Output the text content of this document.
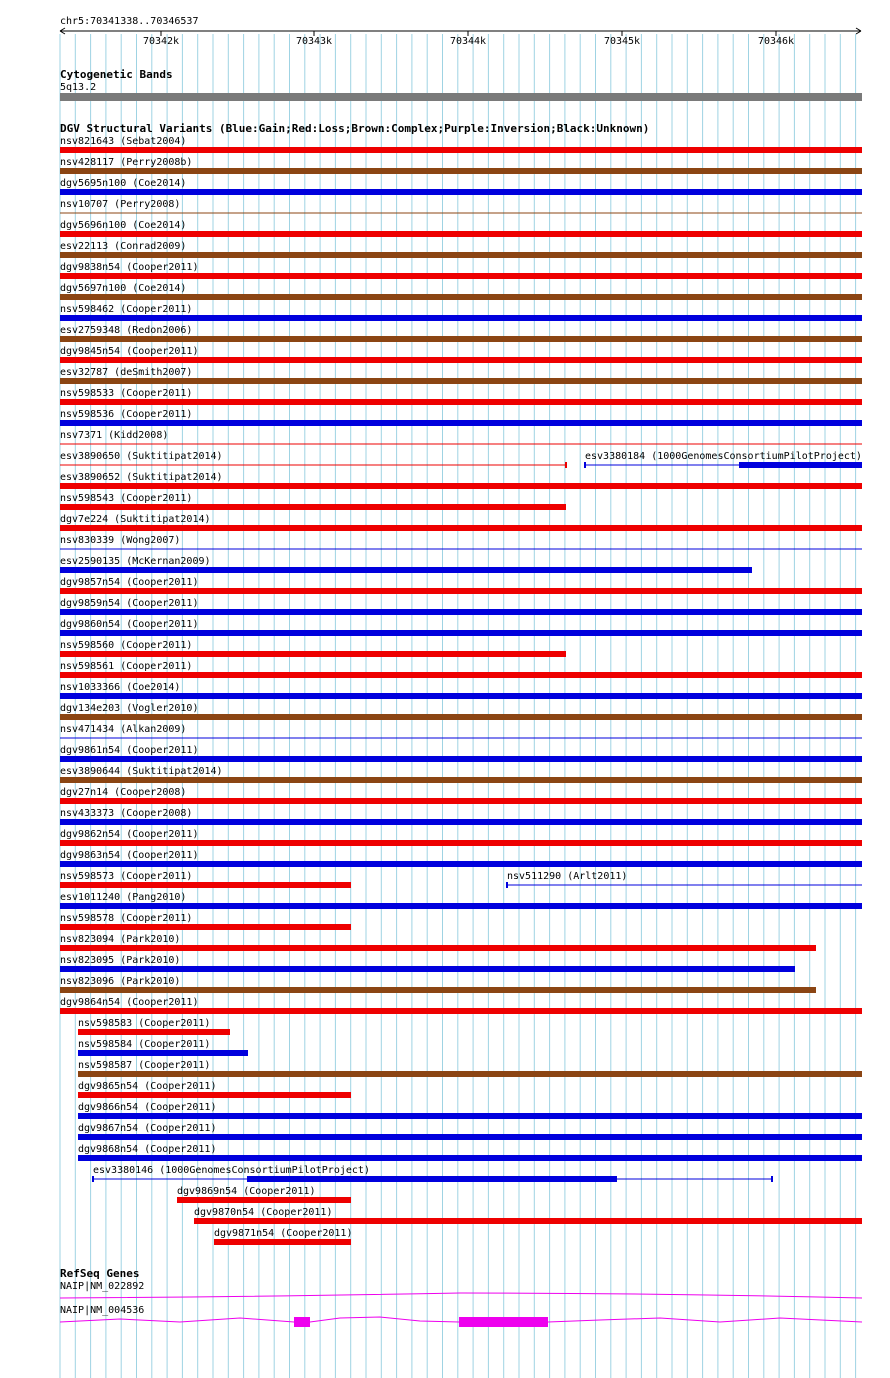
chr5:70341338..70346537
70342k	70343k	70344k	70345k	70346k
Cytogenetic Bands
5q13.2
DGV Structural Variants (Blue:Gain;Red:Loss;Brown:Complex;Purple:Inversion;Black:Unknown)
nsv821643 (Sebat2004)
nsv428117 (Perry2008b)
dgv5695n100 (Coe2014)
nsv10707 (Perry2008)
dgv5696n100 (Coe2014)
esv22113 (Conrad2009)
dgv9838n54 (Cooper2011)
dgv5697n100 (Coe2014)
nsv598462 (Cooper2011)
esv2759348 (Redon2006)
dgv9845n54 (Cooper2011)
esv32787 (deSmith2007)
nsv598533 (Cooper2011)
nsv598536 (Cooper2011)
nsv7371 (Kidd2008)
esv3890650 (Suktitipat2014)
esv3890652 (Suktitipat2014)
nsv598543 (Cooper2011)
dgv7e224 (Suktitipat2014)
nsv830339 (Wong2007)
esv2590135 (McKernan2009)
dgv9857n54 (Cooper2011)
dgv9859n54 (Cooper2011)
dgv9860n54 (Cooper2011)
nsv598560 (Cooper2011)
nsv598561 (Cooper2011)
nsv1033366 (Coe2014)
dgv134e203 (Vogler2010)
nsv471434 (Alkan2009)
dgv9861n54 (Cooper2011)
esv3890644 (Suktitipat2014)
dgv27n14 (Cooper2008)
nsv433373 (Cooper2008)
dgv9862n54 (Cooper2011)
dgv9863n54 (Cooper2011)
nsv598573 (Cooper2011)
esv1011240 (Pang2010)
nsv598578 (Cooper2011)
nsv823094 (Park2010)
nsv823095 (Park2010)
nsv823096 (Park2010)
dgv9864n54 (Cooper2011)
nsv598583 (Cooper2011)
nsv598584 (Cooper2011)
nsv598587 (Cooper2011)
dgv9865n54 (Cooper2011)
dgv9866n54 (Cooper2011)
dgv9867n54 (Cooper2011)
dgv9868n54 (Cooper2011)
esv3380146 (1000GenomesConsortiumPilotProject)
dgv9869n54 (Cooper2011)
dgv9870n54 (Cooper2011)
dgv9871n54 (Cooper2011)
esv3380184 (1000GenomesConsortiumPilotProject)
nsv511290 (Arlt2011)
RefSeq Genes
NAIP|NM_022892
NAIP|NM_004536
